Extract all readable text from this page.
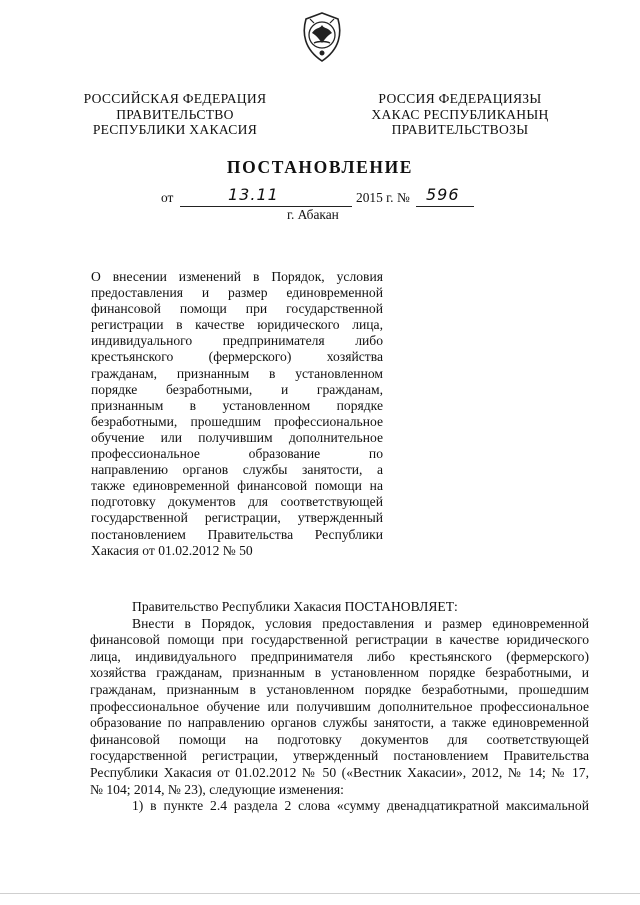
РОССИЙСКАЯ ФЕДЕРАЦИЯ
ПРАВИТЕЛЬСТВО
РЕСПУБЛИКИ ХАКАСИЯ
РОССИЯ ФЕДЕРАЦИЯЗЫ
ХАКАС РЕСПУБЛИКАНЫҢ
ПРАВИТЕЛЬСТВОЗЫ
ПОСТАНОВЛЕНИЕ
от	13.11	2015 г. № 596
г. Абакан
О внесении изменений в Порядок, условия
предоставления и размер единовременной
финансовой помощи при государственной
регистрации в качестве юридического лица,
индивидуального предпринимателя либо
крестьянского (фермерского) хозяйства
гражданам, признанным в установленном
порядке безработными, и гражданам,
признанным в установленном порядке
безработными, прошедшим профессиональное
обучение или получившим дополнительное
профессиональное образование по
направлению органов службы занятости, а
также единовременной финансовой помощи на
подготовку документов для соответствующей
государственной регистрации, утвержденный
постановлением Правительства Республики
Хакасия от 01.02.2012 № 50
Правительство Республики Хакасия ПОСТАНОВЛЯЕТ:
Внести в Порядок, условия предоставления и размер единовременной
финансовой помощи при государственной регистрации в качестве юридического
лица, индивидуального предпринимателя либо крестьянского (фермерского)
хозяйства гражданам, признанным в установленном порядке безработными, и
гражданам, признанным в установленном порядке безработными, прошедшим
профессиональное обучение или получившим дополнительное профессиональное
образование по направлению органов службы занятости, а также единовременной
финансовой помощи на подготовку документов для соответствующей
государственной регистрации, утвержденный постановлением Правительства
Республики Хакасия от 01.02.2012 № 50 («Вестник Хакасии», 2012, № 14; № 17,
№ 104; 2014, № 23), следующие изменения:
1) в пункте 2.4 раздела 2 слова «сумму двенадцатикратной максимальной
